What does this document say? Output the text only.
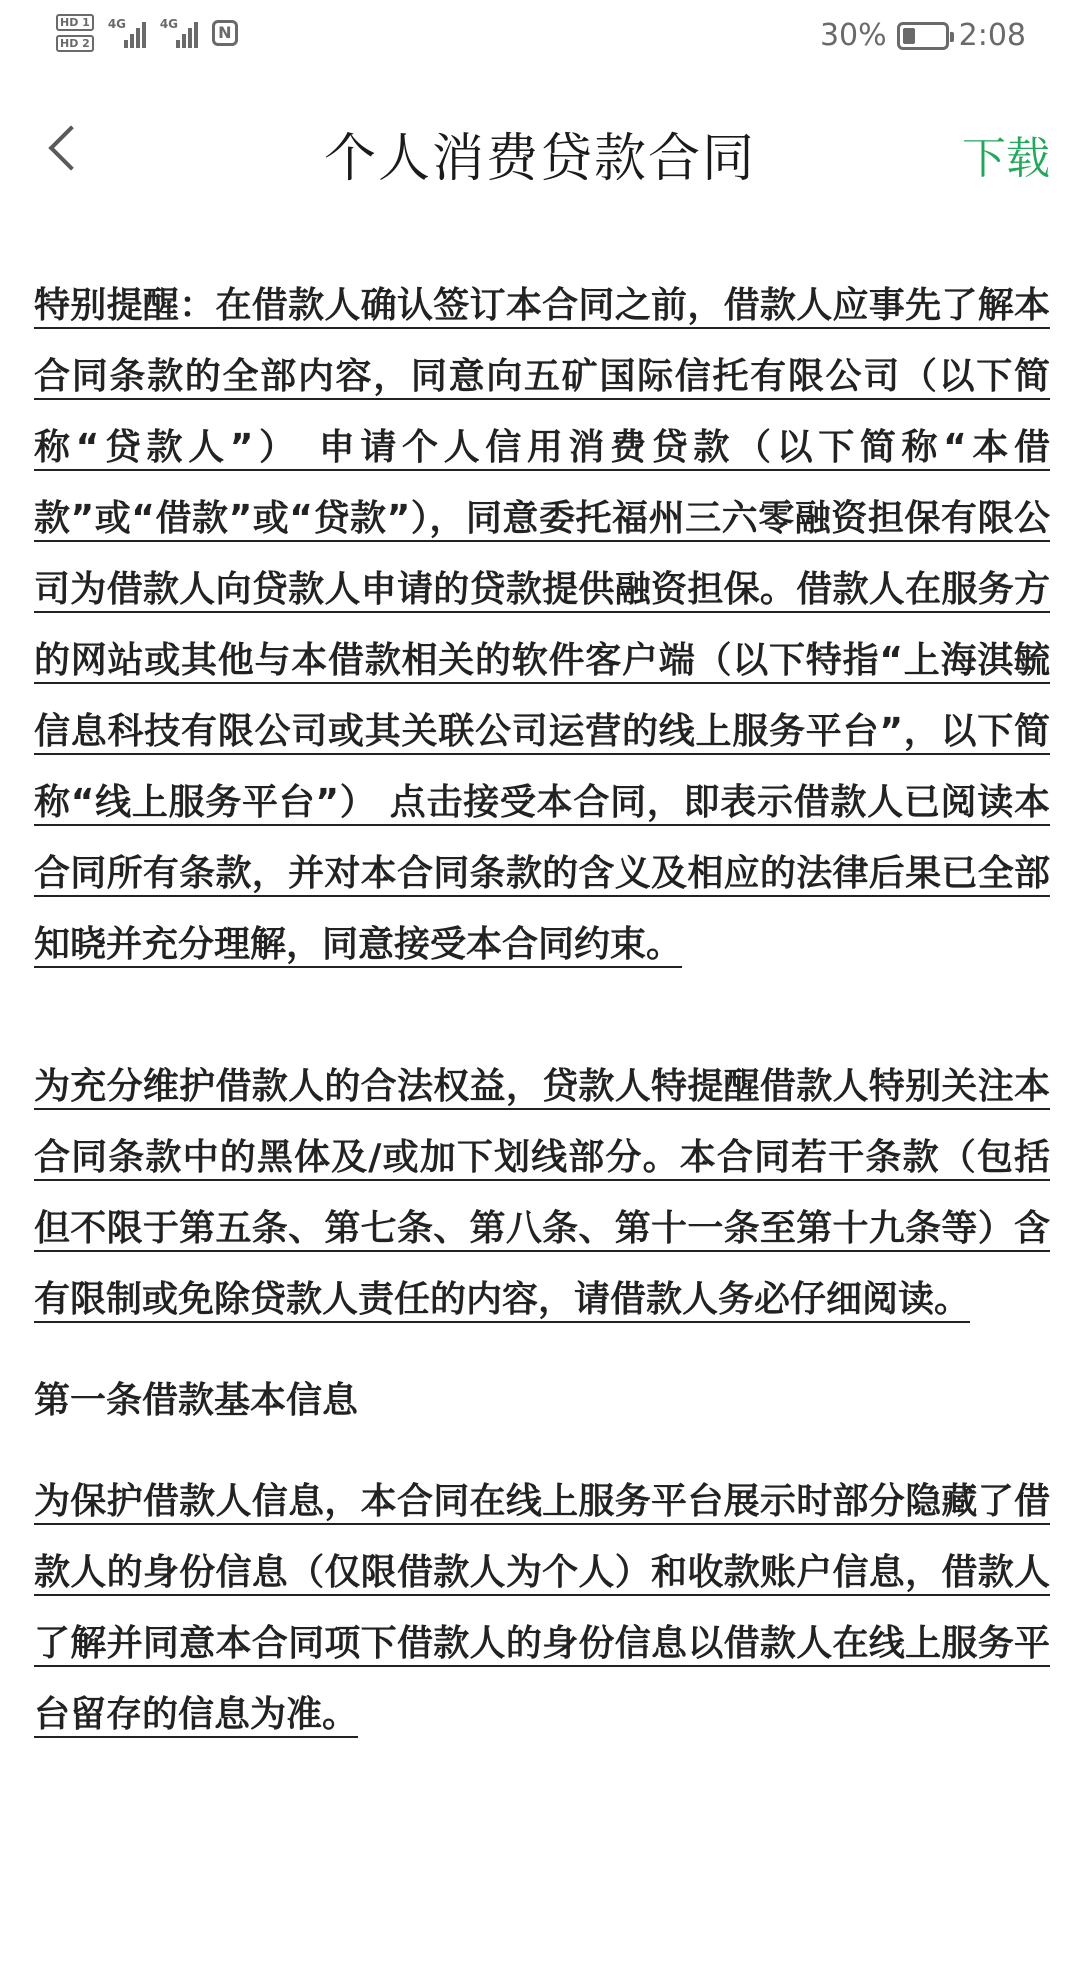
HD 1
HD 2
4G	4G	N	30% 2:08
个人消费贷款合同	下载

特别提醒：在借款人确认签订本合同之前，借款人应事先了解本合同条款的全部内容，同意向五矿国际信托有限公司（以下简称“贷款人”） 申请个人信用消费贷款（以下简称“本借款”或“借款”或“贷款”），同意委托福州三六零融资担保有限公司为借款人向贷款人申请的贷款提供融资担保。借款人在服务方的网站或其他与本借款相关的软件客户端（以下特指“上海淇毓信息科技有限公司或其关联公司运营的线上服务平台”，以下简称“线上服务平台”） 点击接受本合同，即表示借款人已阅读本合同所有条款，并对本合同条款的含义及相应的法律后果已全部知晓并充分理解，同意接受本合同约束。

为充分维护借款人的合法权益，贷款人特提醒借款人特别关注本合同条款中的黑体及/或加下划线部分。本合同若干条款（包括但不限于第五条、第七条、第八条、第十一条至第十九条等）含有限制或免除贷款人责任的内容，请借款人务必仔细阅读。

第一条借款基本信息

为保护借款人信息，本合同在线上服务平台展示时部分隐藏了借款人的身份信息（仅限借款人为个人）和收款账户信息，借款人了解并同意本合同项下借款人的身份信息以借款人在线上服务平台留存的信息为准。
